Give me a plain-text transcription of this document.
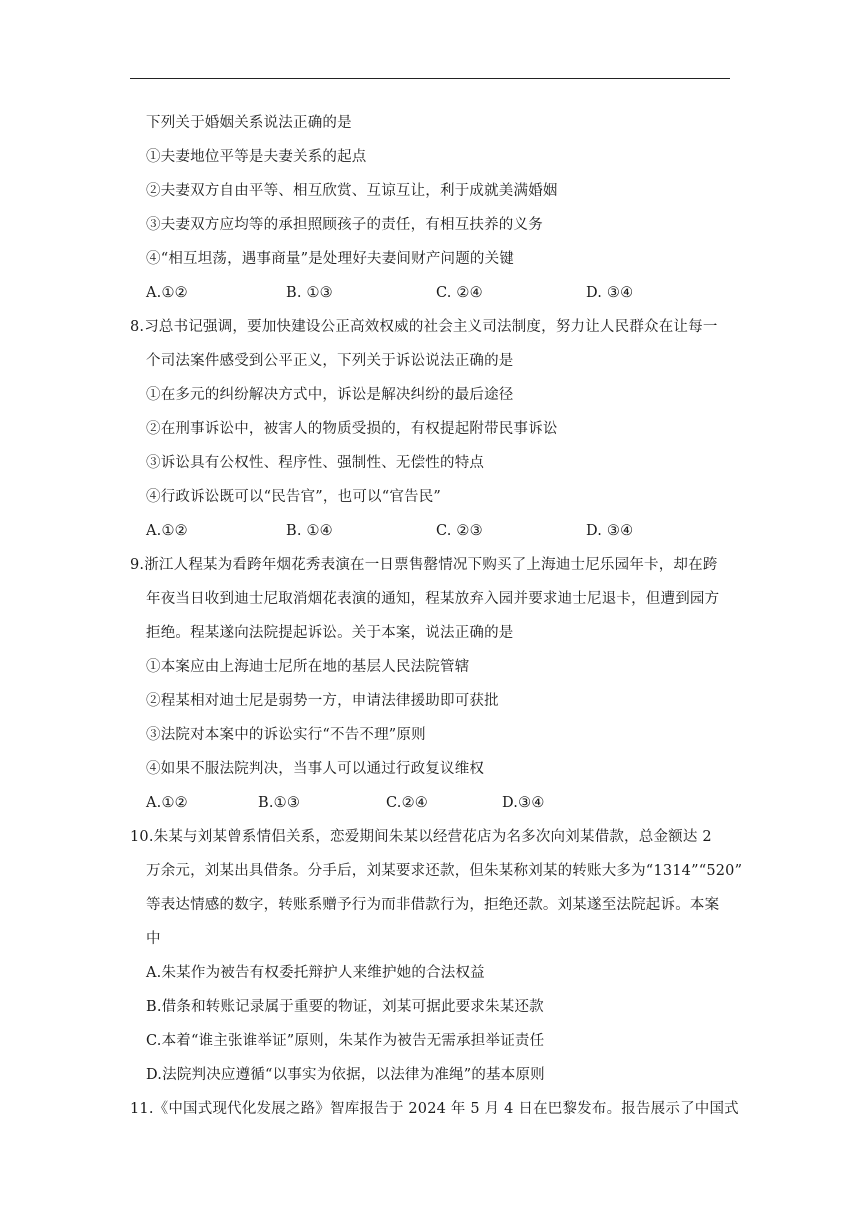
下列关于婚姻关系说法正确的是
①夫妻地位平等是夫妻关系的起点
②夫妻双方自由平等、相互欣赏、互谅互让，利于成就美满婚姻
③夫妻双方应均等的承担照顾孩子的责任，有相互扶养的义务
④“相互坦荡，遇事商量”是处理好夫妻间财产问题的关键
A.①②	B. ①③	C. ②④	D. ③④
8.习总书记强调，要加快建设公正高效权威的社会主义司法制度，努力让人民群众在让每一
个司法案件感受到公平正义，下列关于诉讼说法正确的是
①在多元的纠纷解决方式中，诉讼是解决纠纷的最后途径
②在刑事诉讼中，被害人的物质受损的，有权提起附带民事诉讼
③诉讼具有公权性、程序性、强制性、无偿性的特点
④行政诉讼既可以“民告官”，也可以“官告民”
A.①②	B. ①④	C. ②③	D. ③④
9.浙江人程某为看跨年烟花秀表演在一日票售罄情况下购买了上海迪士尼乐园年卡，却在跨
年夜当日收到迪士尼取消烟花表演的通知，程某放弃入园并要求迪士尼退卡，但遭到园方
拒绝。程某遂向法院提起诉讼。关于本案，说法正确的是
①本案应由上海迪士尼所在地的基层人民法院管辖
②程某相对迪士尼是弱势一方，申请法律援助即可获批
③法院对本案中的诉讼实行“不告不理”原则
④如果不服法院判决，当事人可以通过行政复议维权
A.①②	B.①③	C.②④	D.③④
10.朱某与刘某曾系情侣关系，恋爱期间朱某以经营花店为名多次向刘某借款，总金额达 2
万余元，刘某出具借条。分手后，刘某要求还款，但朱某称刘某的转账大多为“1314”“520”
等表达情感的数字，转账系赠予行为而非借款行为，拒绝还款。刘某遂至法院起诉。本案
中
A.朱某作为被告有权委托辩护人来维护她的合法权益
B.借条和转账记录属于重要的物证，刘某可据此要求朱某还款
C.本着“谁主张谁举证”原则，朱某作为被告无需承担举证责任
D.法院判决应遵循“以事实为依据，以法律为准绳”的基本原则
11.《中国式现代化发展之路》智库报告于 2024 年 5 月 4 日在巴黎发布。报告展示了中国式
